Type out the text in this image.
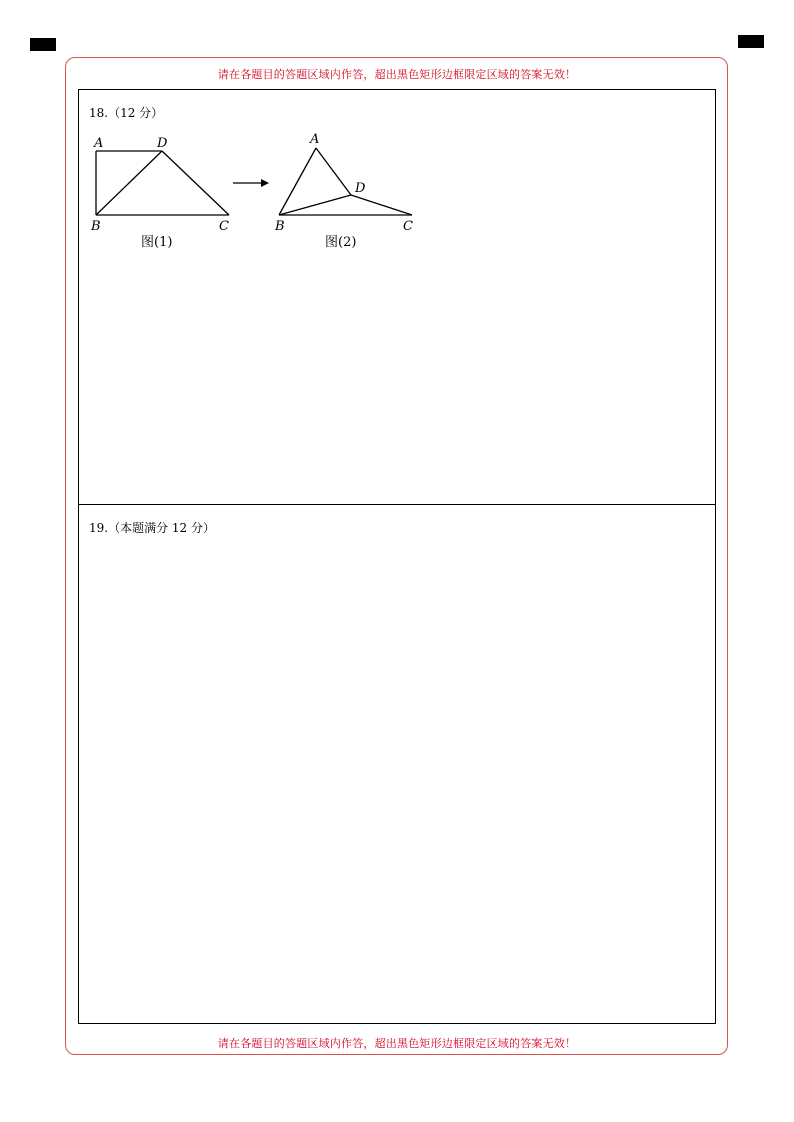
请在各题目的答题区域内作答，超出黑色矩形边框限定区域的答案无效！
请在各题目的答题区域内作答，超出黑色矩形边框限定区域的答案无效！
18.（12 分）
A	D
B	C
图(1)
A
D
B	C
图(2)
19.（本题满分 12 分）
